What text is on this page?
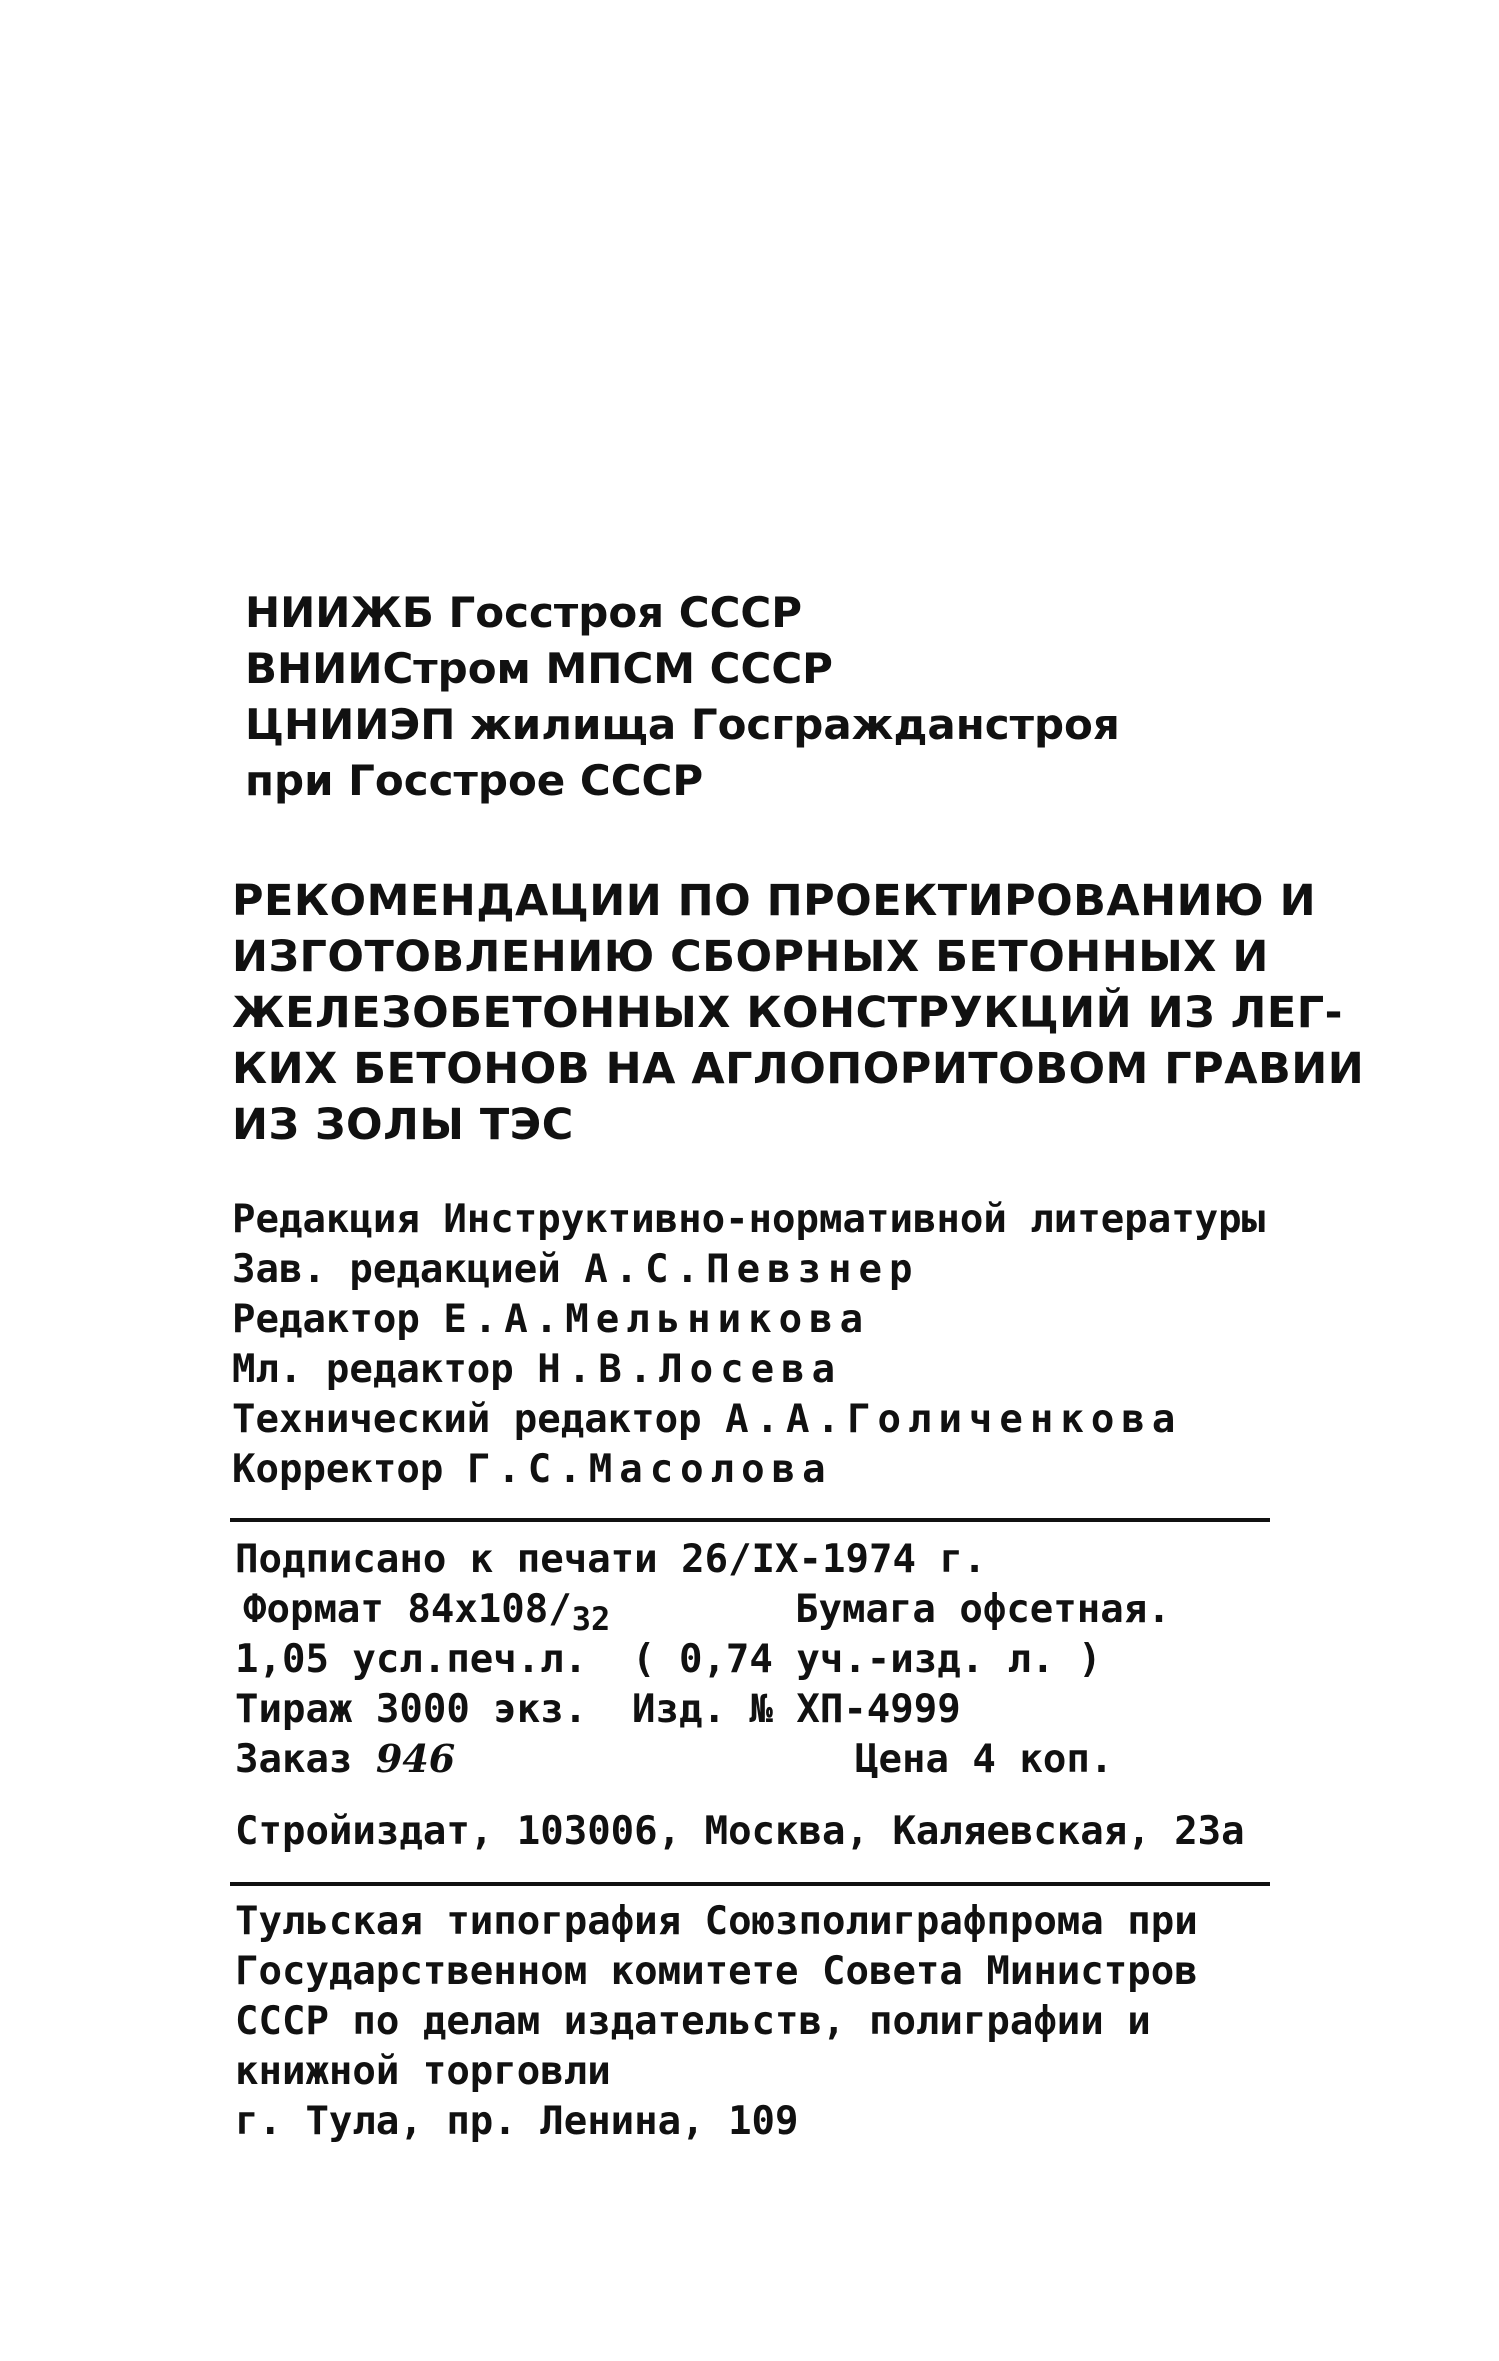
НИИЖБ Госстроя СССР
ВНИИСтром МПСМ СССР
ЦНИИЭП жилища Госгражданстроя
при Госстрое СССР
РЕКОМЕНДАЦИИ ПО ПРОЕКТИРОВАНИЮ И
ИЗГОТОВЛЕНИЮ СБОРНЫХ БЕТОННЫХ И
ЖЕЛЕЗОБЕТОННЫХ КОНСТРУКЦИЙ ИЗ ЛЕГ-
КИХ БЕТОНОВ НА АГЛОПОРИТОВОМ ГРАВИИ
ИЗ ЗОЛЫ ТЭС
Редакция Инструктивно-нормативной литературы
Зав. редакцией А.С.Певзнер
Редактор Е.А.Мельникова
Мл. редактор Н.В.Лосева
Технический редактор А.А.Голиченкова
Корректор Г.С.Масолова
Подписано к печати 26/IX-1974 г.
Формат $84x108/_{32}$	Бумага офсетная.
1,05 усл.печ.л. ( 0,74 уч.-изд. л. )
Тираж 3000 экз. Изд. № ХП-4999
Заказ 946	Цена 4 коп.
Стройиздат, 103006, Москва, Каляевская, 23а
Тульская типография Союзполиграфпрома при
Государственном комитете Совета Министров
СССР по делам издательств, полиграфии и
книжной торговли
г. Тула, пр. Ленина, 109
